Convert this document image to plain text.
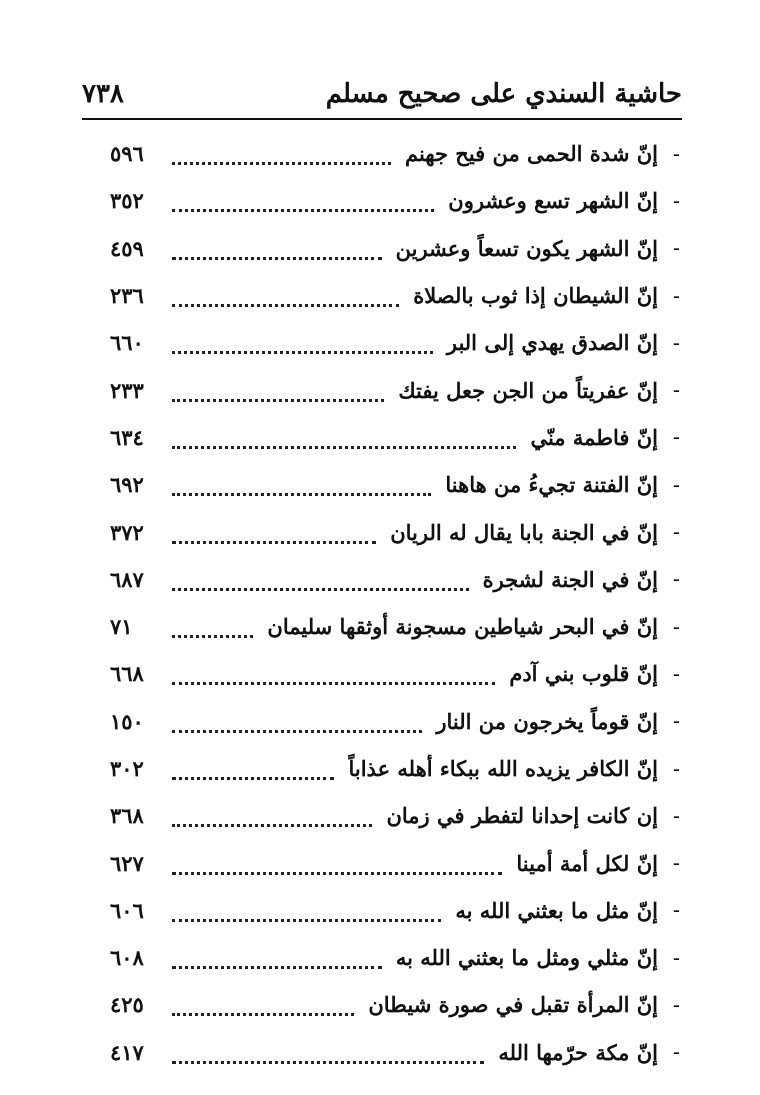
حاشية السندي على صحيح مسلم
٧٣٨
-
إنّ شدة الحمى من فيح جهنم
٥٩٦
-
إنّ الشهر تسع وعشرون
٣٥٢
-
إنّ الشهر يكون تسعاً وعشرين
٤٥٩
-
إنّ الشيطان إذا ثوب بالصلاة
٢٣٦
-
إنّ الصدق يهدي إلى البر
٦٦٠
-
إنّ عفريتاً من الجن جعل يفتك
٢٣٣
-
إنّ فاطمة منّي
٦٣٤
-
إنّ الفتنة تجيءُ من هاهنا
٦٩٢
-
إنّ في الجنة بابا يقال له الريان
٣٧٢
-
إنّ في الجنة لشجرة
٦٨٧
-
إنّ في البحر شياطين مسجونة أوثقها سليمان
٧١
-
إنّ قلوب بني آدم
٦٦٨
-
إنّ قوماً يخرجون من النار
١٥٠
-
إنّ الكافر يزيده الله ببكاء أهله عذاباً
٣٠٢
-
إن كانت إحدانا لتفطر في زمان
٣٦٨
-
إنّ لكل أمة أمينا
٦٢٧
-
إنّ مثل ما بعثني الله به
٦٠٦
-
إنّ مثلي ومثل ما بعثني الله به
٦٠٨
-
إنّ المرأة تقبل في صورة شيطان
٤٢٥
-
إنّ مكة حرّمها الله
٤١٧
